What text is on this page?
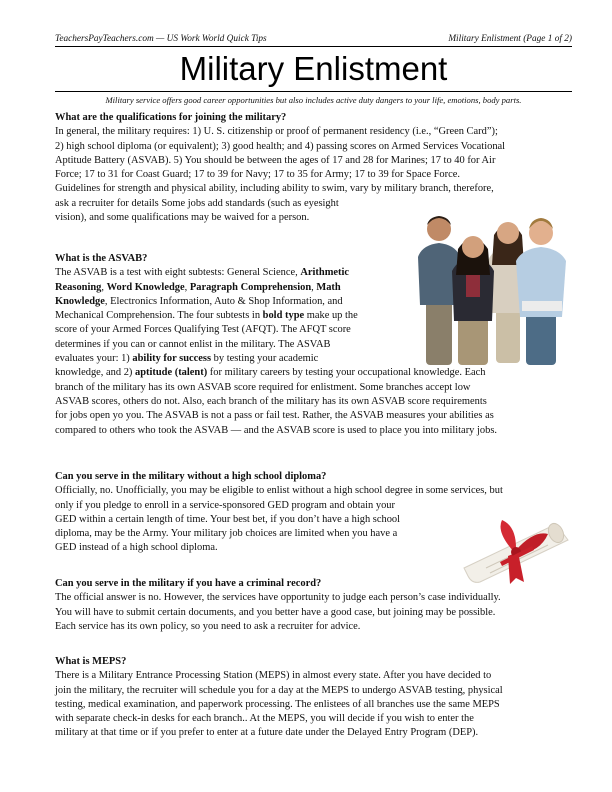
TeachersPayTeachers.com — US Work World Quick Tips	Military Enlistment (Page 1 of 2)
Military Enlistment
Military service offers good career opportunities but also includes active duty dangers to your life, emotions, body parts.
What are the qualifications for joining the military?

In general, the military requires: 1) U. S. citizenship or proof of permanent residency (i.e., “Green Card”);
2) high school diploma (or equivalent); 3) good health; and 4) passing scores on Armed Services Vocational
Aptitude Battery (ASVAB). 5) You should be between the ages of 17 and 28 for Marines; 17 to 40 for Air
Force; 17 to 31 for Coast Guard; 17 to 39 for Navy; 17 to 35 for Army; 17 to 39 for Space Force.
Guidelines for strength and physical ability, including ability to swim, vary by military branch, therefore,
ask a recruiter for details Some jobs add standards (such as eyesight
vision), and some qualifications may be waived for a person.

What is the ASVAB?

The ASVAB is a test with eight subtests: General Science, Arithmetic
Reasoning, Word Knowledge, Paragraph Comprehension, Math
Knowledge, Electronics Information, Auto & Shop Information, and
Mechanical Comprehension. The four subtests in bold type make up the
score of your Armed Forces Qualifying Test (AFQT). The AFQT score
determines if you can or cannot enlist in the military. The ASVAB
evaluates your: 1) ability for success by testing your academic
knowledge, and 2) aptitude (talent) for military careers by testing your occupational knowledge. Each
branch of the military has its own ASVAB score required for enlistment. Some branches accept low
ASVAB scores, others do not. Also, each branch of the military has its own ASVAB score requirements
for jobs open yo you. The ASVAB is not a pass or fail test. Rather, the ASVAB measures your abilities as
compared to others who took the ASVAB — and the ASVAB score is used to place you into military jobs.

Can you serve in the military without a high school diploma?

Officially, no. Unofficially, you may be eligible to enlist without a high school degree in some services, but
only if you pledge to enroll in a service-sponsored GED program and obtain your
GED within a certain length of time. Your best bet, if you don’t have a high school
diploma, may be the Army. Your military job choices are limited when you have a
GED instead of a high school diploma.

Can you serve in the military if you have a criminal record?

The official answer is no. However, the services have opportunity to judge each person’s case individually.
You will have to submit certain documents, and you better have a good case, but joining may be possible.
Each service has its own policy, so you need to ask a recruiter for advice.

What is MEPS?

There is a Military Entrance Processing Station (MEPS) in almost every state. After you have decided to
join the military, the recruiter will schedule you for a day at the MEPS to undergo ASVAB testing, physical
testing, medical examination, and paperwork processing. The enlistees of all branches use the same MEPS
with separate check-in desks for each branch.. At the MEPS, you will decide if you wish to enter the
military at that time or if you prefer to enter at a future date under the Delayed Entry Program (DEP).
